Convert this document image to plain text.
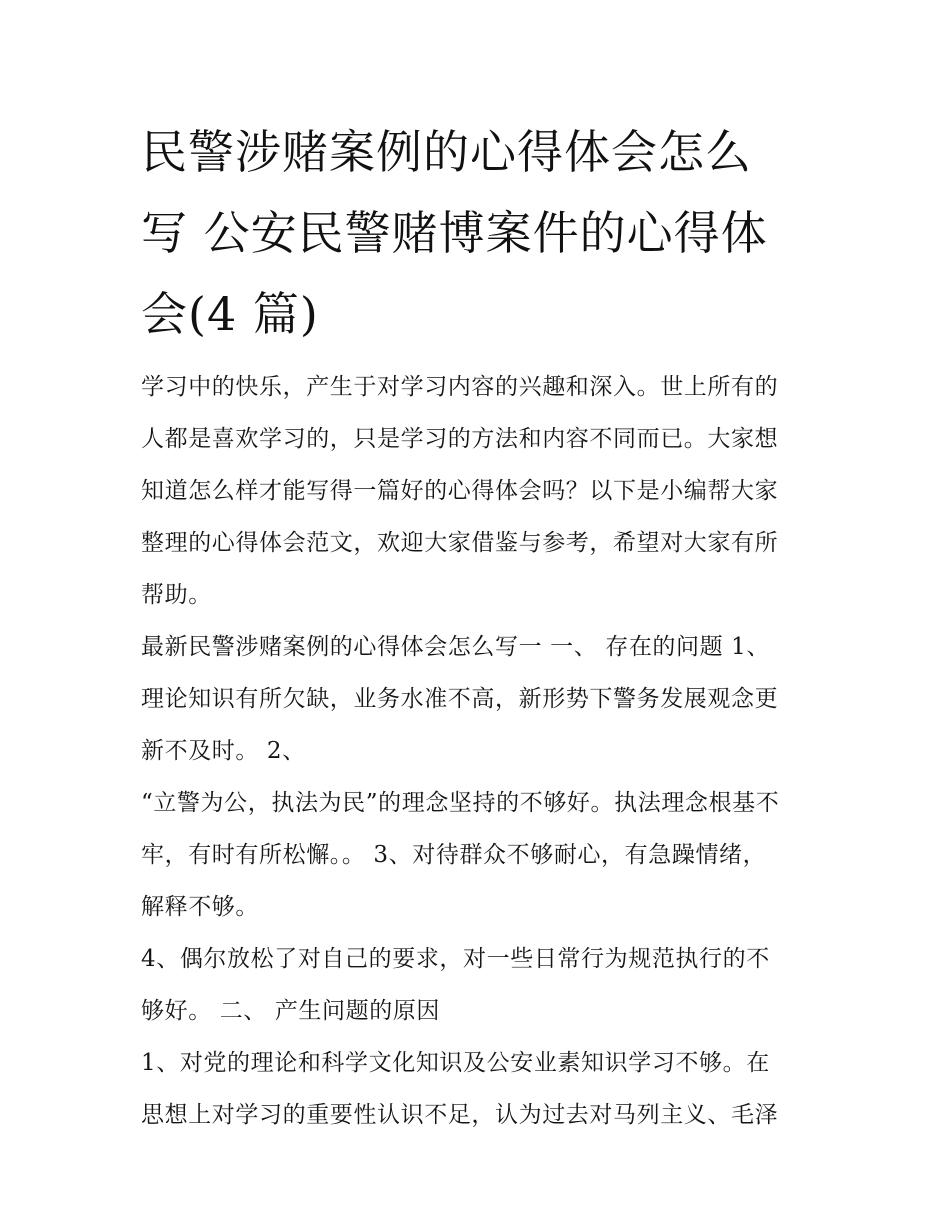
民警涉赌案例的心得体会怎么
写 公安民警赌博案件的心得体
会(4 篇)
学习中的快乐，产生于对学习内容的兴趣和深入。世上所有的
人都是喜欢学习的，只是学习的方法和内容不同而已。大家想
知道怎么样才能写得一篇好的心得体会吗？以下是小编帮大家
整理的心得体会范文，欢迎大家借鉴与参考，希望对大家有所
帮助。
最新民警涉赌案例的心得体会怎么写一 一、 存在的问题 1、
理论知识有所欠缺，业务水准不高，新形势下警务发展观念更
新不及时。 2、
“立警为公，执法为民”的理念坚持的不够好。执法理念根基不
牢，有时有所松懈。。 3、对待群众不够耐心，有急躁情绪，
解释不够。
4、偶尔放松了对自己的要求，对一些日常行为规范执行的不
够好。 二、 产生问题的原因
1、对党的理论和科学文化知识及公安业素知识学习不够。在
思想上对学习的重要性认识不足，认为过去对马列主义、毛泽
